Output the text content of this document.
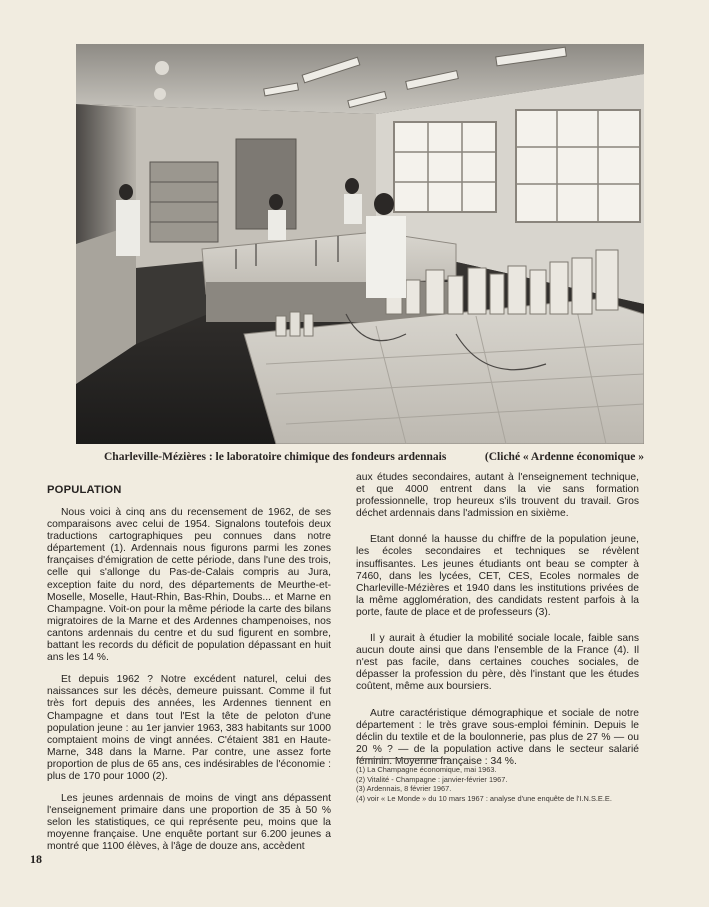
Charleville-Mézières : le laboratoire chimique des fondeurs ardennais	(Cliché « Ardenne économique »
POPULATION

Nous voici à cinq ans du recensement de 1962, de ses comparaisons avec celui de 1954. Signalons toutefois deux traductions cartographiques peu connues dans notre département (1). Ardennais nous figurons parmi les zones françaises d'émigration de cette période, dans l'une des trois, celle qui s'allonge du Pas-de-Calais compris au Jura, exception faite du nord, des départements de Meurthe-et-Moselle, Moselle, Haut-Rhin, Bas-Rhin, Doubs... et Marne en Champagne. Voit-on pour la même période la carte des bilans migratoires de la Marne et des Ardennes champenoises, nos cantons ardennais du centre et du sud figurent en sombre, battant les records du déficit de population dépassant en huit ans les 14 %.

Et depuis 1962 ? Notre excédent naturel, celui des naissances sur les décès, demeure puissant. Comme il fut très fort depuis des années, les Ardennes tiennent en Champagne et dans tout l'Est la tête de peloton d'une population jeune : au 1er janvier 1963, 383 habitants sur 1000 comptaient moins de vingt années. C'étaient 381 en Haute-Marne, 348 dans la Marne. Par contre, une assez forte proportion de plus de 65 ans, ces indésirables de l'économie : plus de 170 pour 1000 (2).

Les jeunes ardennais de moins de vingt ans dépassent l'enseignement primaire dans une proportion de 35 à 50 % selon les statistiques, ce qui représente peu, moins que la moyenne française. Une enquête portant sur 6.200 jeunes a montré que 1100 élèves, à l'âge de douze ans, accèdent

aux études secondaires, autant à l'enseignement technique, et que 4000 entrent dans la vie sans formation professionnelle, trop heureux s'ils trouvent du travail. Gros déchet ardennais dans l'admission en sixième.

Etant donné la hausse du chiffre de la population jeune, les écoles secondaires et techniques se révèlent insuffisantes. Les jeunes étudiants ont beau se compter à 7460, dans les lycées, CET, CES, Ecoles normales de Charleville-Mézières et 1940 dans les institutions privées de la même agglomération, des candidats restent parfois à la porte, faute de place et de professeurs (3).

Il y aurait à étudier la mobilité sociale locale, faible sans aucun doute ainsi que dans l'ensemble de la France (4). Il n'est pas facile, dans certaines couches sociales, de dépasser la profession du père, dès l'instant que les études coûtent, même aux boursiers.

Autre caractéristique démographique et sociale de notre département : le très grave sous-emploi féminin. Depuis le déclin du textile et de la boulonnerie, pas plus de 27 % — ou 20 % ? — de la population active dans le secteur salarié féminin. Moyenne française : 34 %.

(1) La Champagne économique, mai 1963.
(2) Vitalité - Champagne : janvier-février 1967.
(3) Ardennais, 8 février 1967.
(4) voir « Le Monde » du 10 mars 1967 : analyse d'une enquête de l'I.N.S.E.E.
18
